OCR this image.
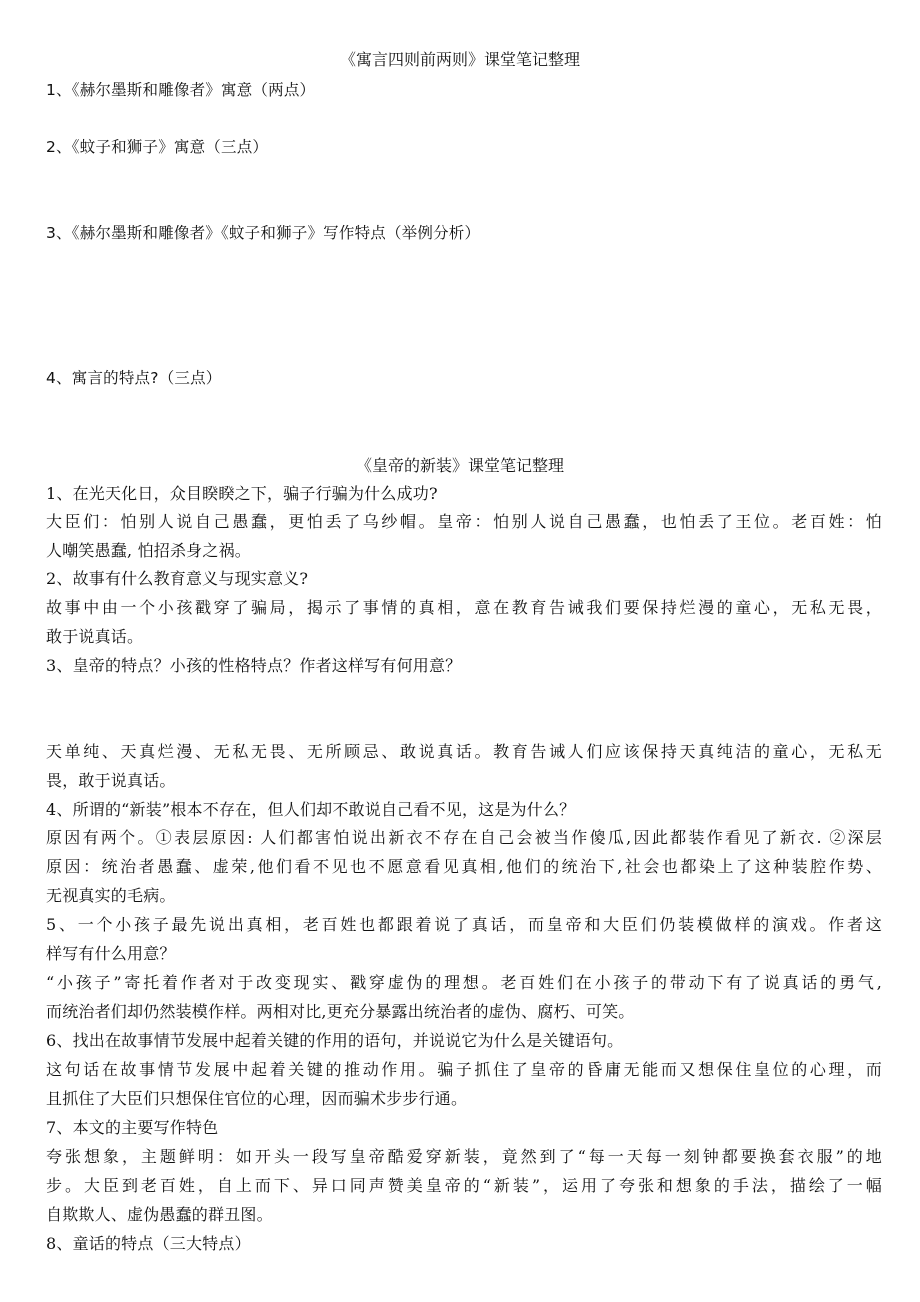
《寓言四则前两则》课堂笔记整理
1、《赫尔墨斯和雕像者》寓意（两点）
2、《蚊子和狮子》寓意（三点）
3、《赫尔墨斯和雕像者》《蚊子和狮子》写作特点（举例分析）
4、寓言的特点?（三点）
《皇帝的新装》课堂笔记整理
1、在光天化日，众目睽睽之下，骗子行骗为什么成功?
大臣们：怕别人说自己愚蠢，更怕丢了乌纱帽。皇帝：怕别人说自己愚蠢，也怕丢了王位。老百姓：怕
人嘲笑愚蠢, 怕招杀身之祸。
2、故事有什么教育意义与现实意义?
故事中由一个小孩戳穿了骗局，揭示了事情的真相，意在教育告诫我们要保持烂漫的童心，无私无畏，
敢于说真话。
3、皇帝的特点？小孩的性格特点？作者这样写有何用意？
天单纯、天真烂漫、无私无畏、无所顾忌、敢说真话。教育告诫人们应该保持天真纯洁的童心，无私无
畏，敢于说真话。
4、所谓的“新装”根本不存在，但人们却不敢说自己看不见，这是为什么？
原因有两个。①表层原因: 人们都害怕说出新衣不存在自己会被当作傻瓜,因此都装作看见了新衣. ②深层
原因：统治者愚蠢、虚荣,他们看不见也不愿意看见真相,他们的统治下,社会也都染上了这种装腔作势、
无视真实的毛病。
5、一个小孩子最先说出真相，老百姓也都跟着说了真话，而皇帝和大臣们仍装模做样的演戏。作者这
样写有什么用意？
“小孩子”寄托着作者对于改变现实、戳穿虚伪的理想。老百姓们在小孩子的带动下有了说真话的勇气,
而统治者们却仍然装模作样。两相对比,更充分暴露出统治者的虚伪、腐朽、可笑。
6、找出在故事情节发展中起着关键的作用的语句，并说说它为什么是关键语句。
这句话在故事情节发展中起着关键的推动作用。骗子抓住了皇帝的昏庸无能而又想保住皇位的心理，而
且抓住了大臣们只想保住官位的心理，因而骗术步步行通。
7、本文的主要写作特色
夸张想象，主题鲜明：如开头一段写皇帝酷爱穿新装，竟然到了“每一天每一刻钟都要换套衣服”的地
步。大臣到老百姓，自上而下、异口同声赞美皇帝的“新装”，运用了夸张和想象的手法，描绘了一幅
自欺欺人、虚伪愚蠢的群丑图。
8、童话的特点（三大特点）
